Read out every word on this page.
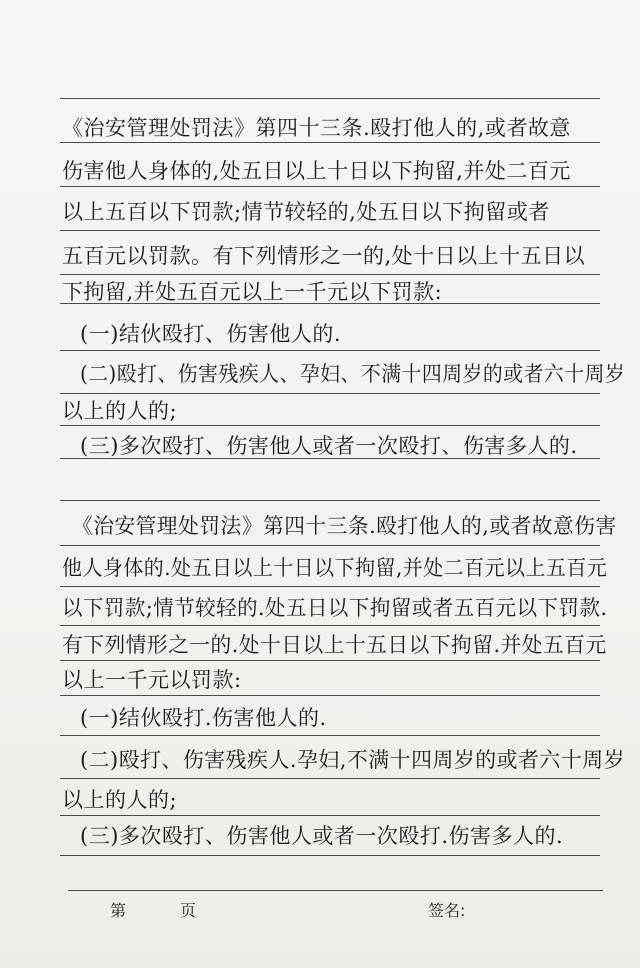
《治安管理处罚法》第四十三条.殴打他人的,或者故意
伤害他人身体的,处五日以上十日以下拘留,并处二百元
以上五百以下罚款;情节较轻的,处五日以下拘留或者
五百元以罚款。有下列情形之一的,处十日以上十五日以
下拘留,并处五百元以上一千元以下罚款:
(一)结伙殴打、伤害他人的.
(二)殴打、伤害残疾人、孕妇、不满十四周岁的或者六十周岁
以上的人的;
(三)多次殴打、伤害他人或者一次殴打、伤害多人的.
《治安管理处罚法》第四十三条.殴打他人的,或者故意伤害
他人身体的.处五日以上十日以下拘留,并处二百元以上五百元
以下罚款;情节较轻的.处五日以下拘留或者五百元以下罚款.
有下列情形之一的.处十日以上十五日以下拘留.并处五百元
以上一千元以罚款:
(一)结伙殴打.伤害他人的.
(二)殴打、伤害残疾人.孕妇,不满十四周岁的或者六十周岁
以上的人的;
(三)多次殴打、伤害他人或者一次殴打.伤害多人的.
第	页	签名:
